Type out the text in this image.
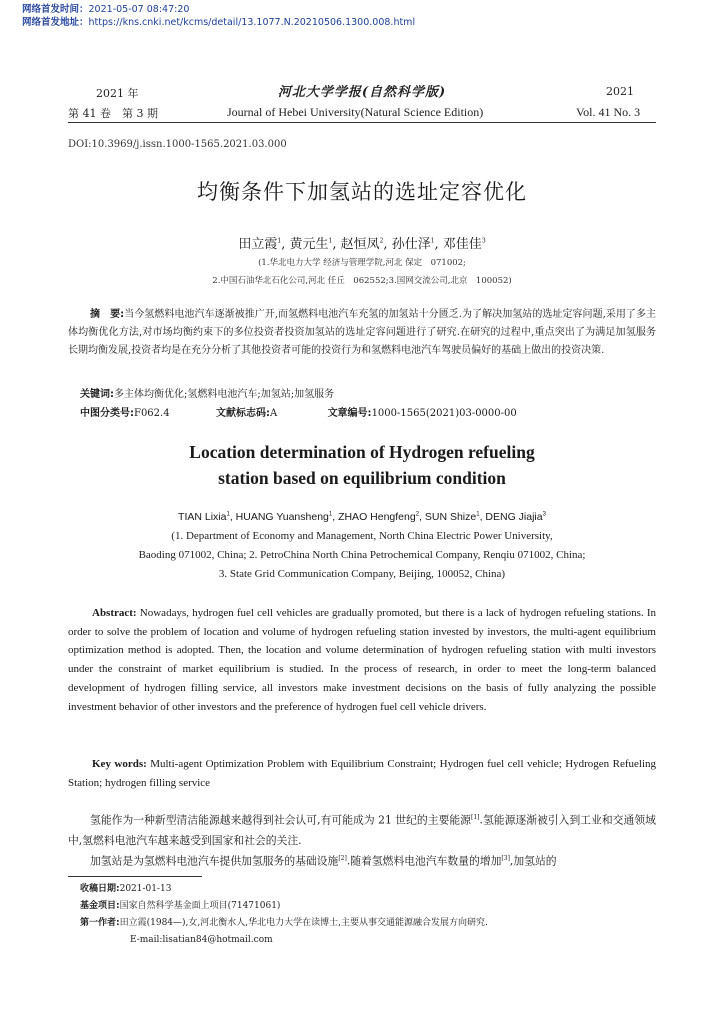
网络首发时间：2021-05-07 08:47:20
网络首发地址：https://kns.cnki.net/kcms/detail/13.1077.N.20210506.1300.008.html
2021 年	河北大学学报(自然科学版)	2021
第 41 卷　第 3 期	Journal of Hebei University(Natural Science Edition)	Vol. 41 No. 3
DOI:10.3969/j.issn.1000-1565.2021.03.000
均衡条件下加氢站的选址定容优化
田立霞$^1$, 黄元生$^1$, 赵恒凤$^2$, 孙仕泽$^1$, 邓佳佳$^3$
(1.华北电力大学 经济与管理学院,河北 保定　071002;
2.中国石油华北石化公司,河北 任丘　062552;3.国网交流公司,北京　100052)
摘　要:当今氢燃料电池汽车逐渐被推广开,而氢燃料电池汽车充氢的加氢站十分匮乏.为了解决加氢站的选址定容问题,采用了多主体均衡优化方法,对市场均衡约束下的多位投资者投资加氢站的选址定容问题进行了研究.在研究的过程中,重点突出了为满足加氢服务长期均衡发展,投资者均是在充分分析了其他投资者可能的投资行为和氢燃料电池汽车驾驶员偏好的基础上做出的投资决策.
关键词:多主体均衡优化;氢燃料电池汽车;加氢站;加氢服务
中图分类号:F062.4	文献标志码:A	文章编号:1000-1565(2021)03-0000-00
Location determination of Hydrogen refueling
station based on equilibrium condition
TIAN Lixia$^1$, HUANG Yuansheng$^1$, ZHAO Hengfeng$^2$, SUN Shize$^1$, DENG Jiajia$^3$
(1. Department of Economy and Management, North China Electric Power University,
Baoding 071002, China; 2. PetroChina North China Petrochemical Company, Renqiu 071002, China;
3. State Grid Communication Company, Beijing, 100052, China)
Abstract: Nowadays, hydrogen fuel cell vehicles are gradually promoted, but there is a lack of hydrogen refueling stations. In order to solve the problem of location and volume of hydrogen refueling station invested by investors, the multi-agent equilibrium optimization method is adopted. Then, the location and volume determination of hydrogen refueling station with multi investors under the constraint of market equilibrium is studied. In the process of research, in order to meet the long-term balanced development of hydrogen filling service, all investors make investment decisions on the basis of fully analyzing the possible investment behavior of other investors and the preference of hydrogen fuel cell vehicle drivers.
Key words: Multi-agent Optimization Problem with Equilibrium Constraint; Hydrogen fuel cell vehicle; Hydrogen Refueling Station; hydrogen filling service
氢能作为一种新型清洁能源越来越得到社会认可,有可能成为 21 世纪的主要能源[1].氢能源逐渐被引入到工业和交通领域中,氢燃料电池汽车越来越受到国家和社会的关注.
加氢站是为氢燃料电池汽车提供加氢服务的基础设施[2].随着氢燃料电池汽车数量的增加[3],加氢站的
收稿日期:2021-01-13
基金项目:国家自然科学基金面上项目(71471061)
第一作者:田立霞(1984—),女,河北衡水人,华北电力大学在读博士,主要从事交通能源融合发展方向研究.
E-mail:lisatian84@hotmail.com
